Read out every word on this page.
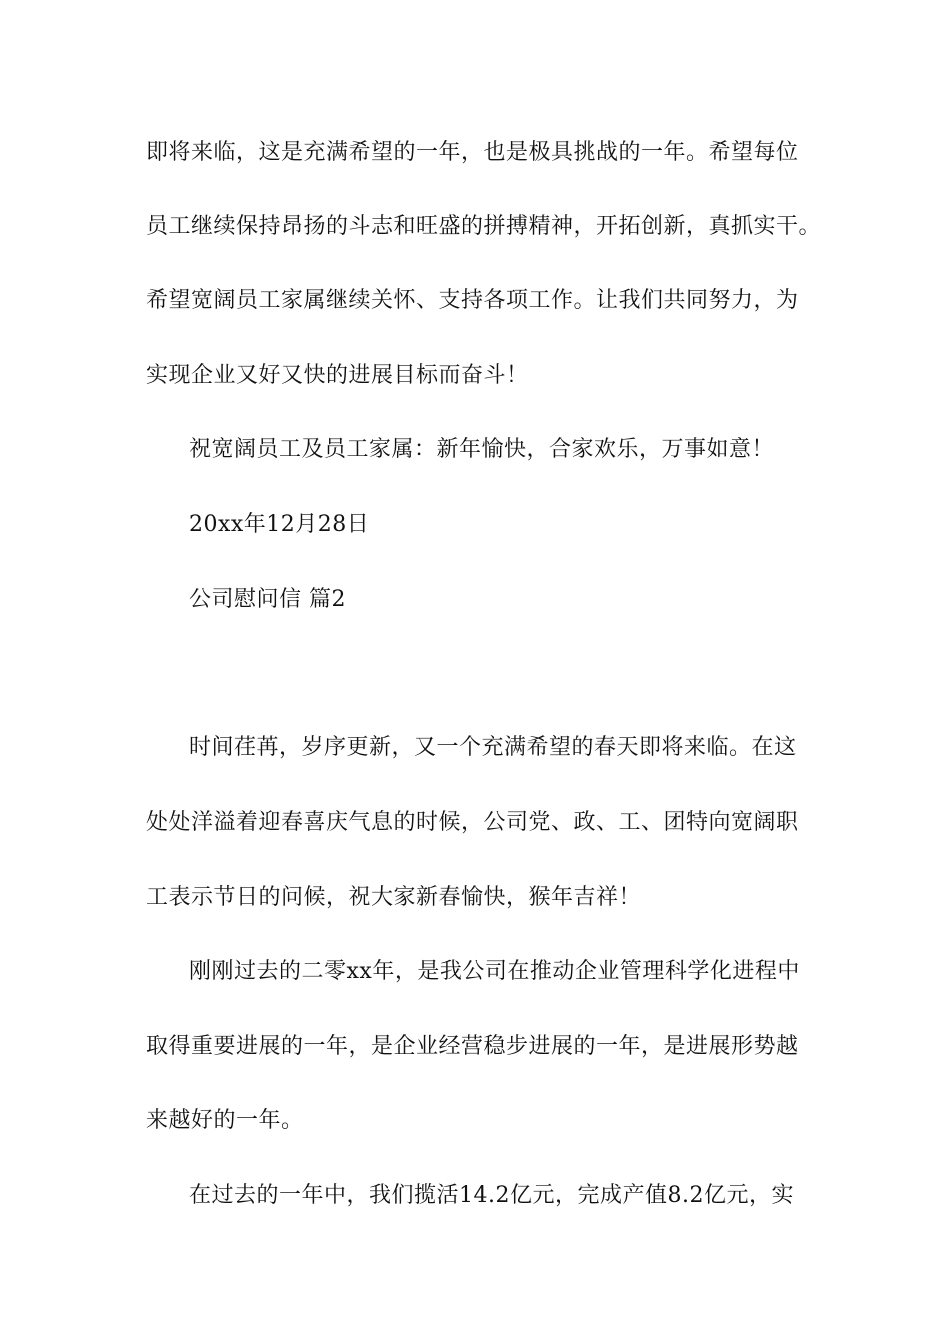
即将来临，这是充满希望的一年，也是极具挑战的一年。希望每位
员工继续保持昂扬的斗志和旺盛的拼搏精神，开拓创新，真抓实干。
希望宽阔员工家属继续关怀、支持各项工作。让我们共同努力，为
实现企业又好又快的进展目标而奋斗！
祝宽阔员工及员工家属：新年愉快，合家欢乐，万事如意！
20xx年12月28日
公司慰问信 篇2
时间荏苒，岁序更新，又一个充满希望的春天即将来临。在这
处处洋溢着迎春喜庆气息的时候，公司党、政、工、团特向宽阔职
工表示节日的问候，祝大家新春愉快，猴年吉祥！
刚刚过去的二零xx年，是我公司在推动企业管理科学化进程中
取得重要进展的一年，是企业经营稳步进展的一年，是进展形势越
来越好的一年。
在过去的一年中，我们揽活14.2亿元，完成产值8.2亿元，实
